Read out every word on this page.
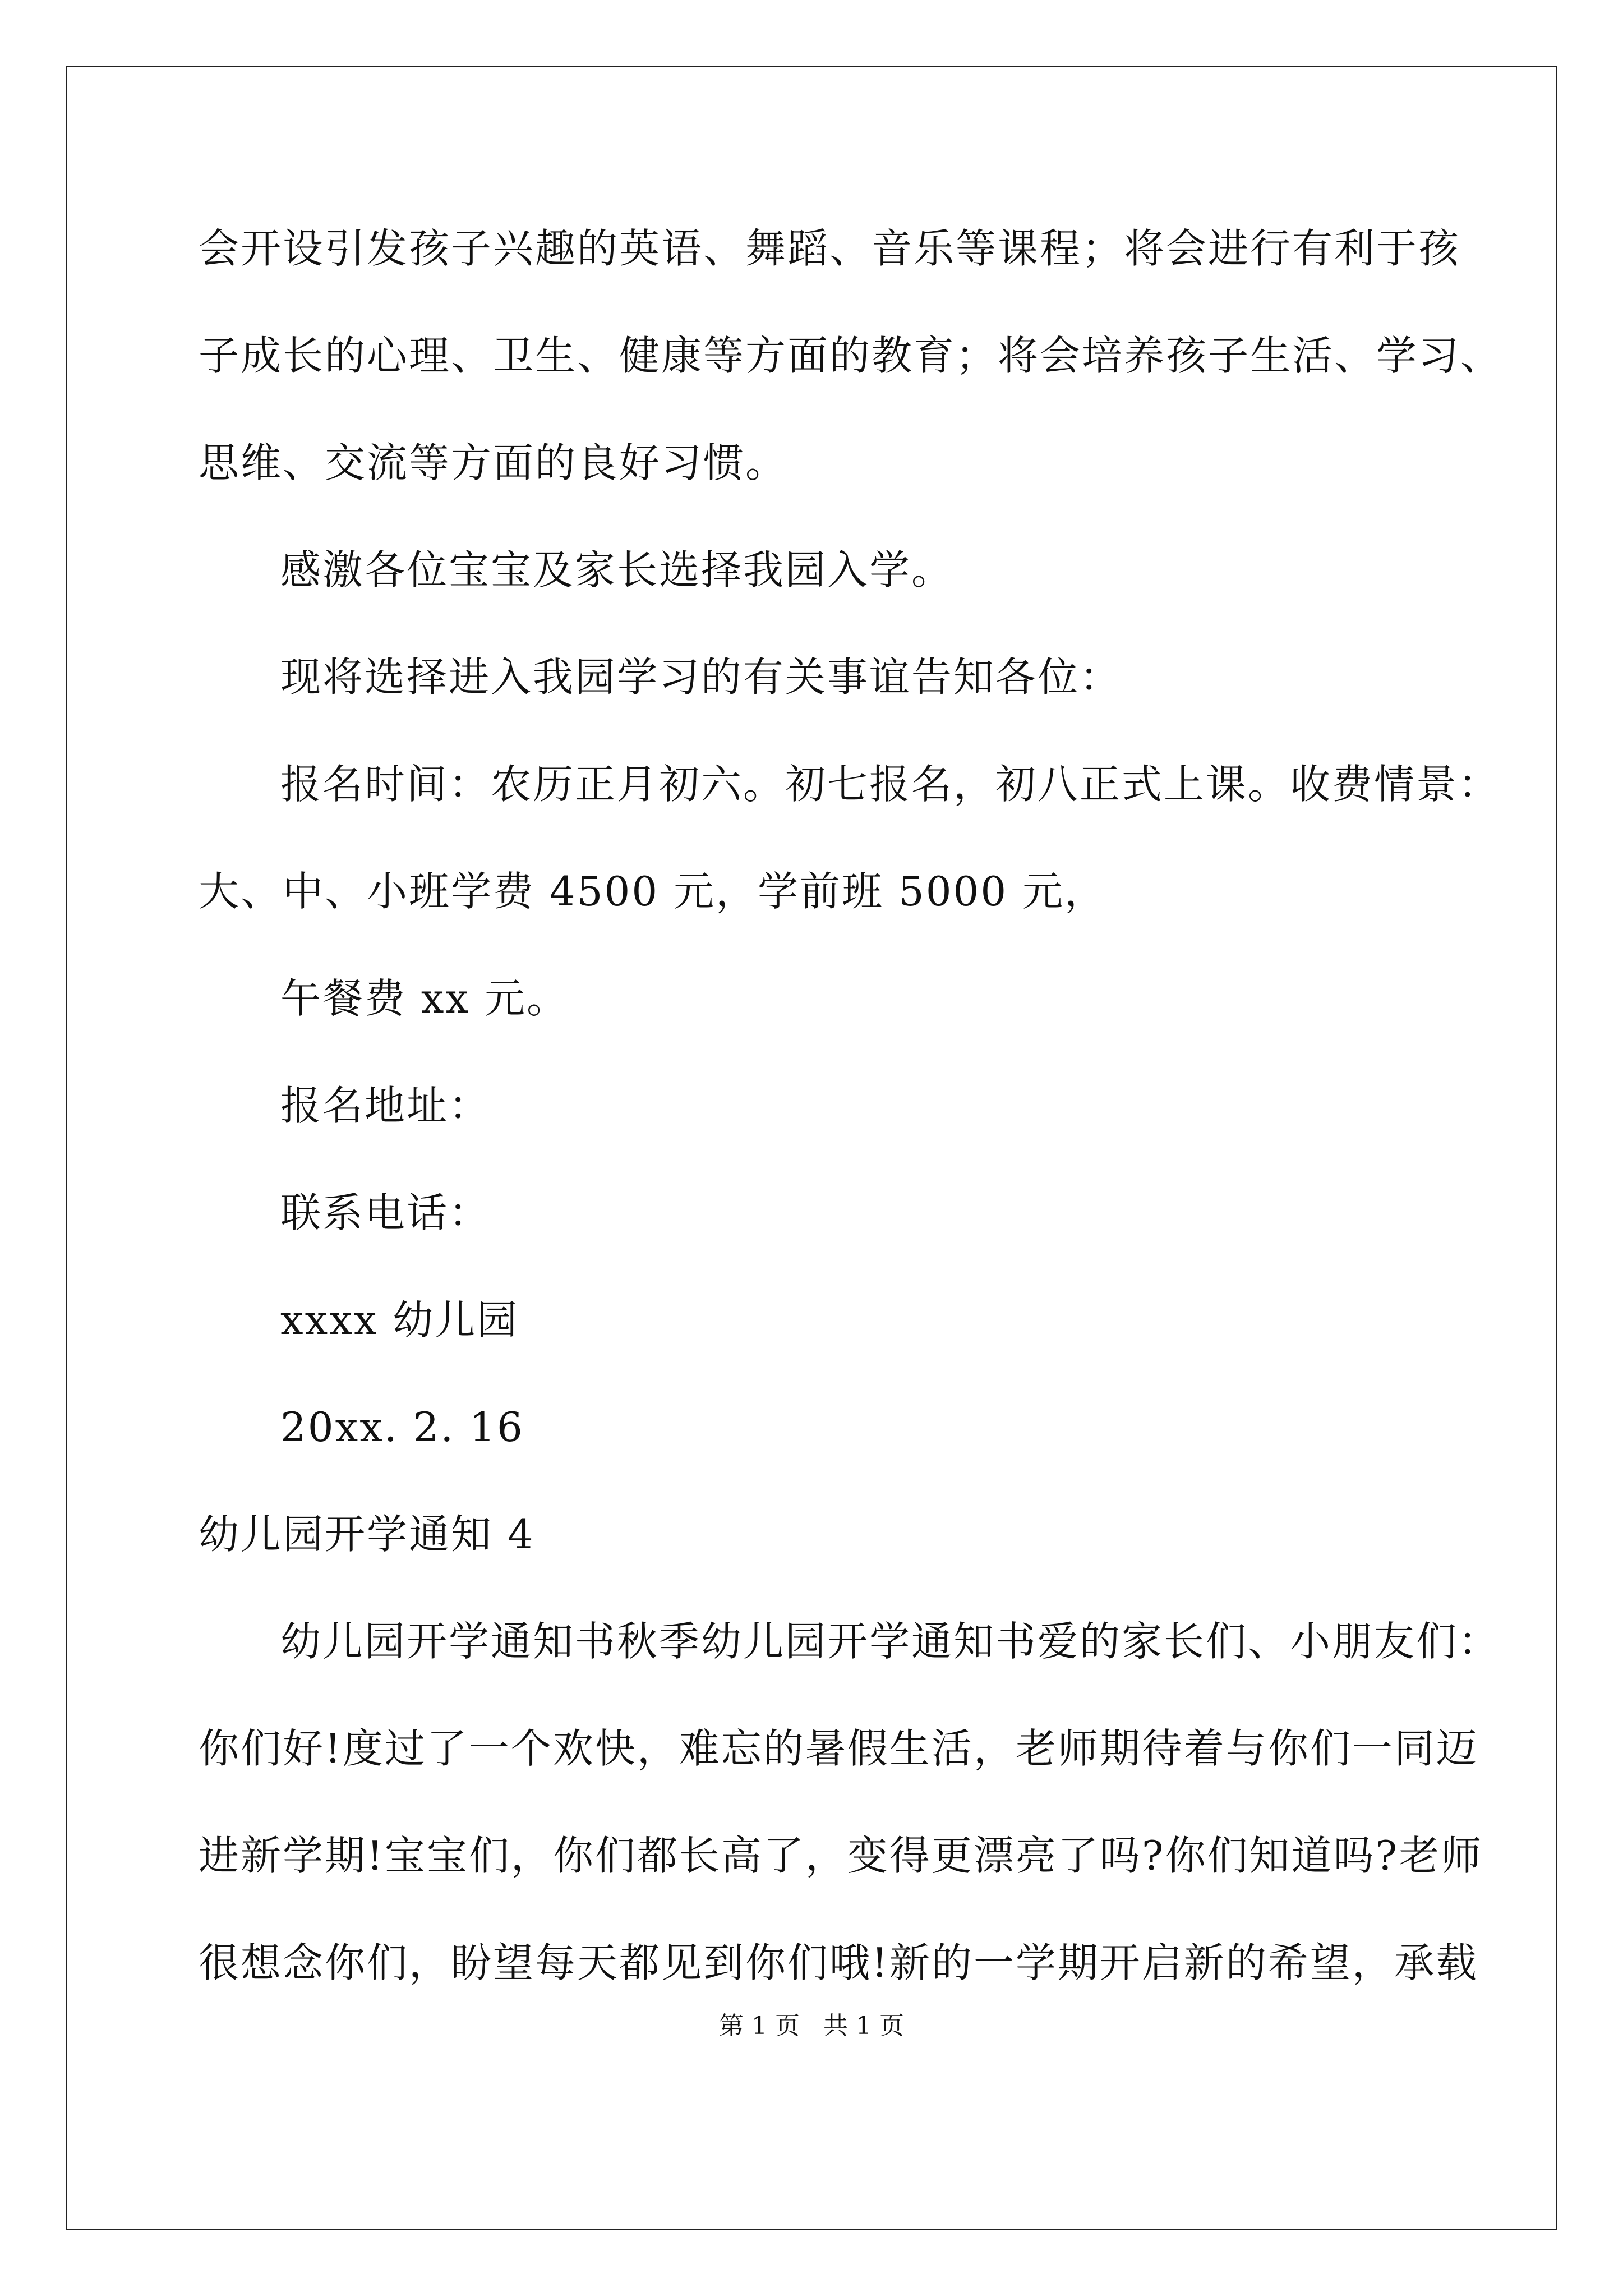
会开设引发孩子兴趣的英语、舞蹈、音乐等课程；将会进行有利于孩
子成长的心理、卫生、健康等方面的教育；将会培养孩子生活、学习、
思维、交流等方面的良好习惯。
感激各位宝宝及家长选择我园入学。
现将选择进入我园学习的有关事谊告知各位：
报名时间：农历正月初六。初七报名，初八正式上课。收费情景：
大、中、小班学费 4500 元，学前班 5000 元，
午餐费 xx 元。
报名地址：
联系电话：
xxxx 幼儿园
20xx. 2. 16
幼儿园开学通知 4
幼儿园开学通知书秋季幼儿园开学通知书爱的家长们、小朋友们：
你们好!度过了一个欢快，难忘的暑假生活，老师期待着与你们一同迈
进新学期!宝宝们，你们都长高了，变得更漂亮了吗?你们知道吗?老师
很想念你们，盼望每天都见到你们哦!新的一学期开启新的希望，承载
第 1 页   共 1 页
